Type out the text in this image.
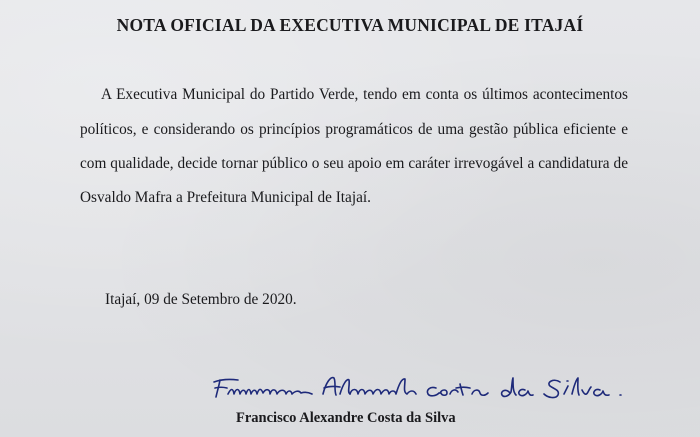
NOTA OFICIAL DA EXECUTIVA MUNICIPAL DE ITAJAÍ
A Executiva Municipal do Partido Verde, tendo em conta os últimos acontecimentos
políticos, e considerando os princípios programáticos de uma gestão pública eficiente e
com qualidade, decide tornar público o seu apoio em caráter irrevogável a candidatura de
Osvaldo Mafra a Prefeitura Municipal de Itajaí.
Itajaí, 09 de Setembro de 2020.
Francisco Alexandre Costa da Silva
